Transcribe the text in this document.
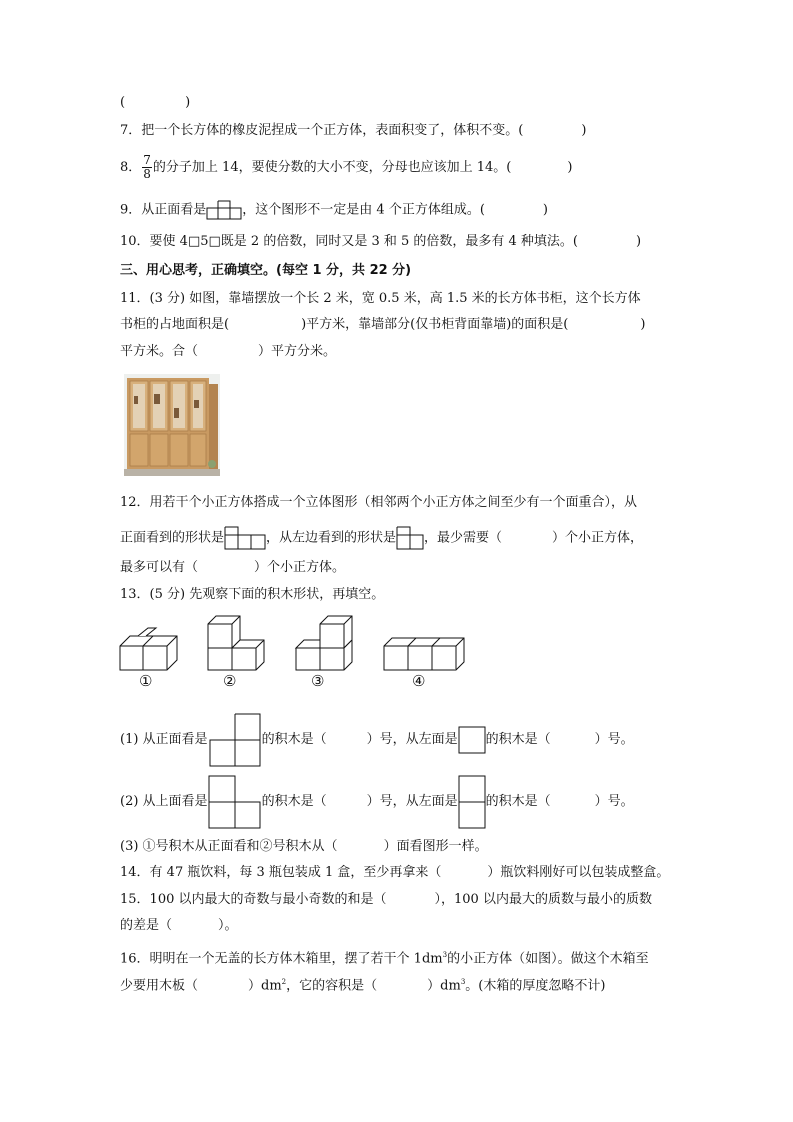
(	)
7．把一个长方体的橡皮泥捏成一个正方体，表面积变了，体积不变。(	)
8． $\frac{7}{8}$ 的分子加上 14，要使分数的大小不变，分母也应该加上 14。(	)
9．从正面看是	，这个图形不一定是由 4 个正方体组成。(	)
10．要使 4□5□既是 2 的倍数，同时又是 3 和 5 的倍数，最多有 4 种填法。(	)
三、用心思考，正确填空。(每空 1 分，共 22 分)
11．(3 分) 如图，靠墙摆放一个长 2 米，宽 0.5 米，高 1.5 米的长方体书柜，这个长方体
书柜的占地面积是(	)平方米，靠墙部分(仅书柜背面靠墙)的面积是(	)
平方米。合（	）平方分米。
12．用若干个小正方体搭成一个立体图形（相邻两个小正方体之间至少有一个面重合），从
正面看到的形状是	，从左边看到的形状是 ，最少需要（	）个小正方体，
最多可以有（	）个小正方体。
13．(5 分) 先观察下面的积木形状，再填空。
①	②	③	④
(1) 从正面看是	的积木是（	）号，从左面是 的积木是（	）号。
(2) 从上面看是	的积木是（	）号，从左面是 的积木是（	）号。
(3) ①号积木从正面看和②号积木从（	）面看图形一样。
14．有 47 瓶饮料，每 3 瓶包装成 1 盒，至少再拿来（	）瓶饮料刚好可以包装成整盒。
15．100 以内最大的奇数与最小奇数的和是（	），100 以内最大的质数与最小的质数
的差是（	）。
16．明明在一个无盖的长方体木箱里，摆了若干个 $1dm^3$的小正方体（如图）。做这个木箱至
少要用木板（	）$dm^2$，它的容积是（	）$dm^3$。(木箱的厚度忽略不计)
